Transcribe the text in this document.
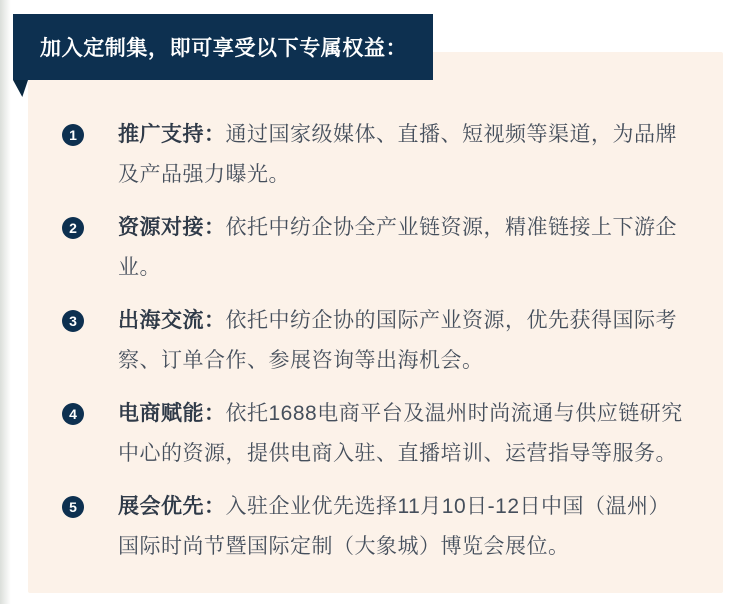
1	推广支持：通过国家级媒体、直播、短视频等渠道，为品牌
及产品强力曝光。
2	资源对接：依托中纺企协全产业链资源，精准链接上下游企
业。
3	出海交流：依托中纺企协的国际产业资源，优先获得国际考
察、订单合作、参展咨询等出海机会。
4	电商赋能：依托1688电商平台及温州时尚流通与供应链研究
中心的资源，提供电商入驻、直播培训、运营指导等服务。
5	展会优先：入驻企业优先选择11月10日-12日中国（温州）
国际时尚节暨国际定制（大象城）博览会展位。
加入定制集，即可享受以下专属权益：
